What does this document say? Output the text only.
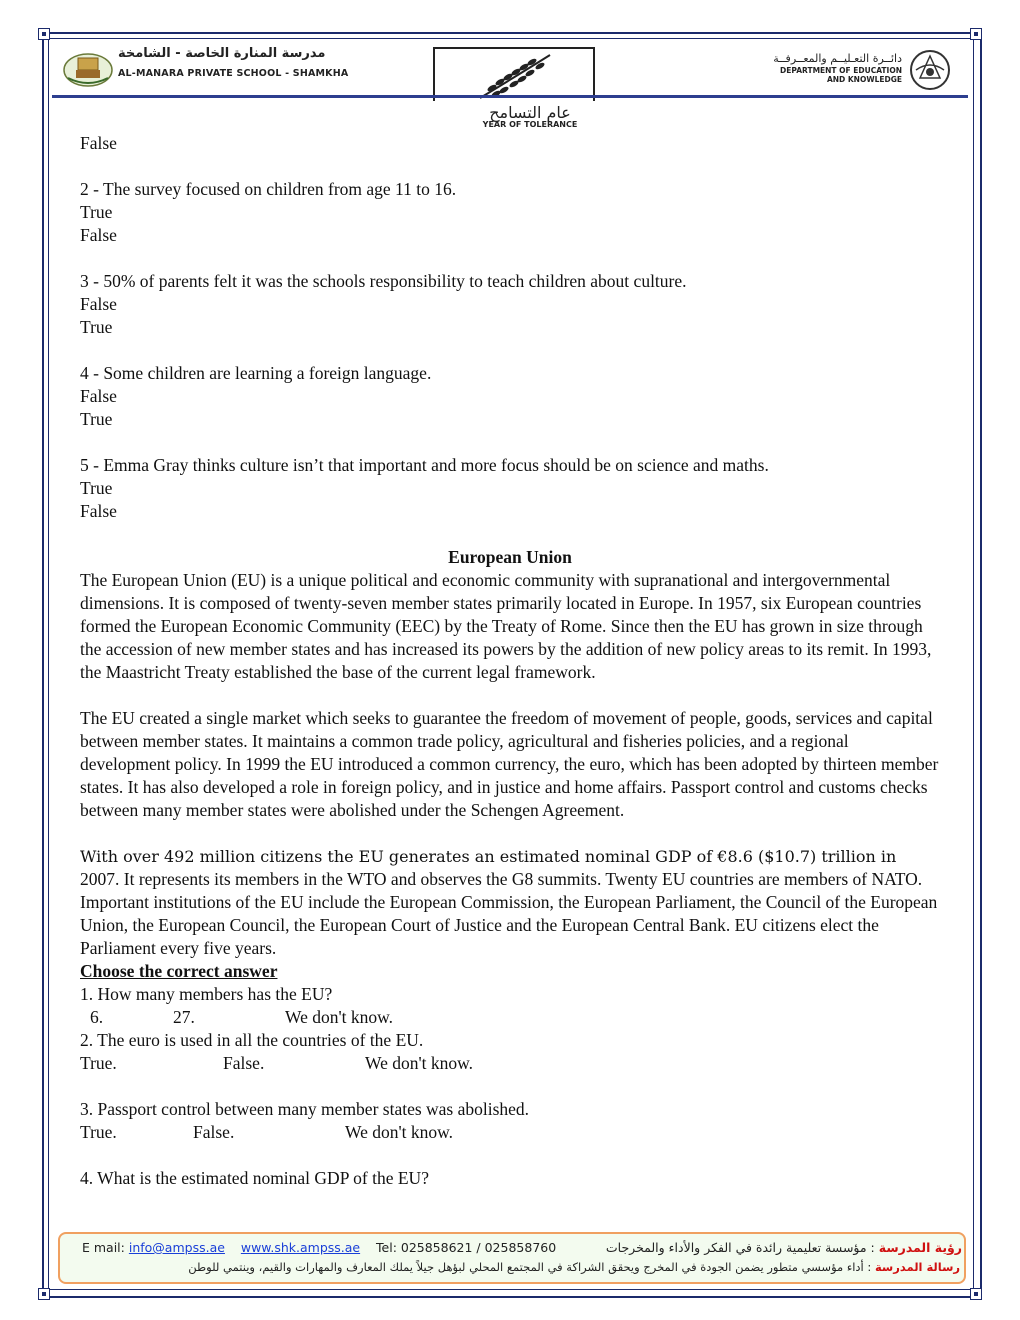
مدرسة المنارة الخاصة - الشامخة
AL-MANARA PRIVATE SCHOOL - SHAMKHA
عام التسامح
YEAR OF TOLERANCE
دائــرة التعـليــم والمعــرفــة
DEPARTMENT OF EDUCATION
AND KNOWLEDGE

False

2 - The survey focused on children from age 11 to 16.

True

False

3 - 50% of parents felt it was the schools responsibility to teach children about culture.

False

True

4 - Some children are learning a foreign language.

False

True

5 - Emma Gray thinks culture isn’t that important and more focus should be on science and maths.

True

False

European Union

The European Union (EU) is a unique political and economic community with supranational and intergovernmental dimensions. It is composed of twenty-seven member states primarily located in Europe. In 1957, six European countries formed the European Economic Community (EEC) by the Treaty of Rome. Since then the EU has grown in size through the accession of new member states and has increased its powers by the addition of new policy areas to its remit. In 1993, the Maastricht Treaty established the base of the current legal framework.

The EU created a single market which seeks to guarantee the freedom of movement of people, goods, services and capital between member states. It maintains a common trade policy, agricultural and fisheries policies, and a regional development policy. In 1999 the EU introduced a common currency, the euro, which has been adopted by thirteen member states. It has also developed a role in foreign policy, and in justice and home affairs. Passport control and customs checks between many member states were abolished under the Schengen Agreement.

With over 492 million citizens the EU generates an estimated nominal GDP of €8.6 ($10.7) trillion in

2007. It represents its members in the WTO and observes the G8 summits. Twenty EU countries are members of NATO. Important institutions of the EU include the European Commission, the European Parliament, the Council of the European Union, the European Council, the European Court of Justice and the European Central Bank. EU citizens elect the Parliament every five years.

Choose the correct answer

1. How many members has the EU?

6.	27.	We don't know.

2. The euro is used in all the countries of the EU.

True.	False.	We don't know.

3. Passport control between many member states was abolished.

True.	False.	We don't know.

4. What is the estimated nominal GDP of the EU?

E mail: info@ampss.ae www.shk.ampss.ae Tel: 025858621 / 025858760	رؤية المدرسة : مؤسسة تعليمية رائدة في الفكر والأداء والمخرجات
رسالة المدرسة : أداء مؤسسي متطور يضمن الجودة في المخرج ويحقق الشراكة في المجتمع المحلي لبؤهل جيلاً يملك المعارف والمهارات والقيم، وينتمي للوطن
